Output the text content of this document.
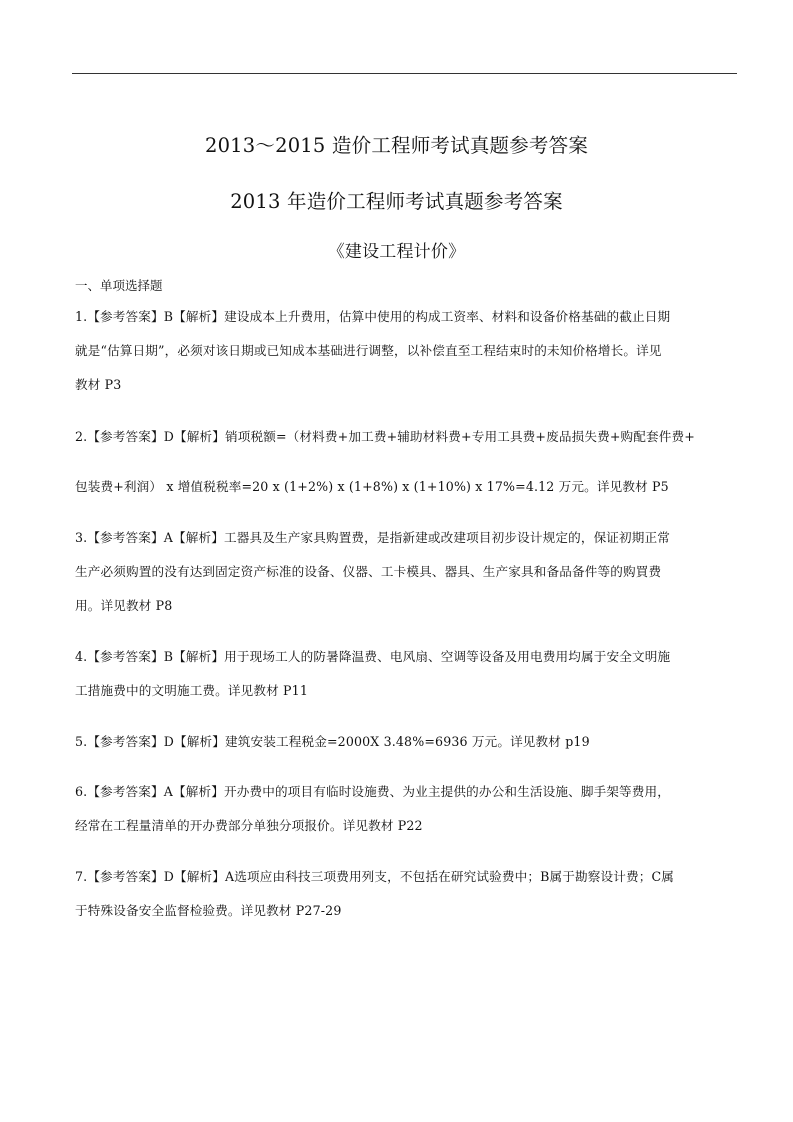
2013～2015 造价工程师考试真题参考答案
2013 年造价工程师考试真题参考答案
《建设工程计价》
一、单项选择题
1.【参考答案】B【解析】建设成本上升费用，估算中使用的构成工资率、材料和设备价格基础的截止日期
就是“估算日期”，必须对该日期或已知成本基础进行调整，以补偿直至工程结束时的未知价格增长。详见
教材 P3
2.【参考答案】D【解析】销项税额=（材料费+加工费+辅助材料费+专用工具费+废品损失费+购配套件费+
包装费+利润） x 增值税税率=20 x (1+2%) x (1+8%) x (1+10%) x 17%=4.12 万元。详见教材 P5
3.【参考答案】A【解析】工器具及生产家具购置费，是指新建或改建项目初步设计规定的，保证初期正常
生产必须购置的没有达到固定资产标准的设备、仪器、工卡模具、器具、生产家具和备品备件等的购買费
用。详见教材 P8
4.【参考答案】B【解析】用于现场工人的防暑降温费、电风扇、空调等设备及用电费用均属于安全文明施
工措施费中的文明施工费。详见教材 P11
5.【参考答案】D【解析】建筑安装工程税金=2000X 3.48%=6936 万元。详见教材 p19
6.【参考答案】A【解析】开办费中的项目有临时设施费、为业主提供的办公和生活设施、脚手架等费用，
经常在工程量清单的开办费部分单独分项报价。详见教材 P22
7.【参考答案】D【解析】A选项应由科技三项费用列支，不包括在研究试验费中；B属于勘察设计费；C属
于特殊设备安全监督检验费。详见教材 P27-29
